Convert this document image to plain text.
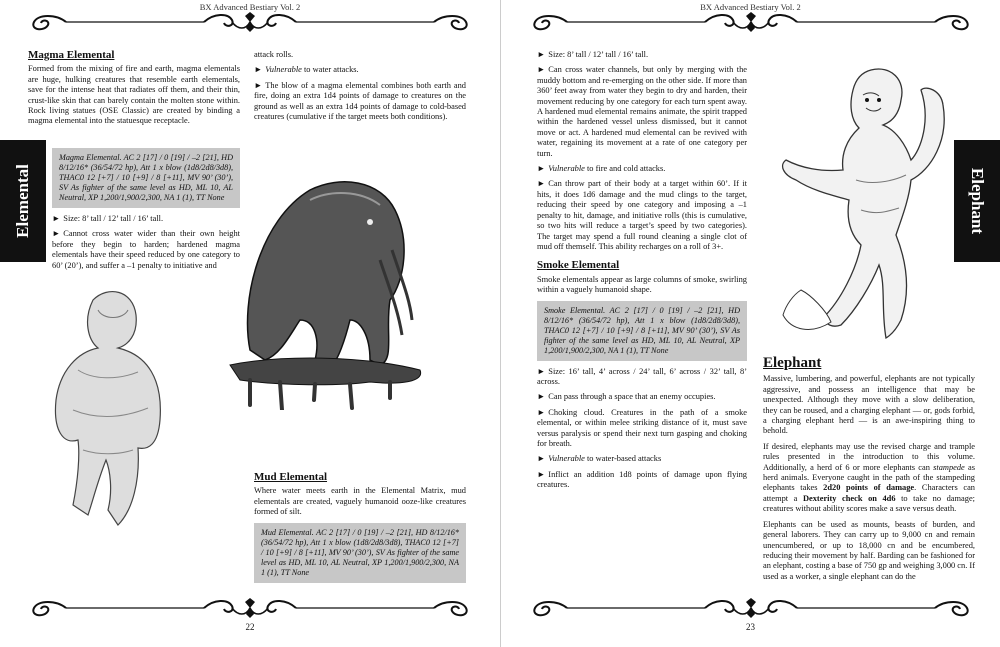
BX Advanced Bestiary Vol. 2
Elemental
Magma Elemental

Formed from the mixing of fire and earth, magma elementals are huge, hulking creatures that resemble earth elementals, save for the intense heat that radiates off them, and their thin, crust-like skin that can barely contain the molten stone within. Rock living statues (OSE Classic) are created by binding a magma elemental into the statuesque receptacle.

Magma Elemental. AC 2 [17] / 0 [19] / –2 [21], HD 8/12/16* (36/54/72 hp), Att 1 x blow (1d8/2d8/3d8), THAC0 12 [+7] / 10 [+9] / 8 [+11], MV 90’ (30’), SV As fighter of the same level as HD, ML 10, AL Neutral, XP 1,200/1,900/2,300, NA 1 (1), TT None

► Size: 8’ tall / 12’ tall / 16’ tall.

► Cannot cross water wider than their own height before they begin to harden; hardened magma elementals have their speed reduced by one category to 60’ (20’), and suffer a –1 penalty to initiative and

attack rolls.

► Vulnerable to water attacks.

► The blow of a magma elemental combines both earth and fire, doing an extra 1d4 points of damage to creatures on the ground as well as an extra 1d4 points of damage to cold-based creatures (cumulative if the target meets both conditions).

Mud Elemental

Where water meets earth in the Elemental Matrix, mud elementals are created, vaguely humanoid ooze-like creatures formed of silt.

Mud Elemental. AC 2 [17] / 0 [19] / –2 [21], HD 8/12/16* (36/54/72 hp), Att 1 x blow (1d8/2d8/3d8), THAC0 12 [+7] / 10 [+9] / 8 [+11], MV 90’ (30’), SV As fighter of the same level as HD, ML 10, AL Neutral, XP 1,200/1,900/2,300, NA 1 (1), TT None
22
BX Advanced Bestiary Vol. 2
Elephant

► Size: 8’ tall / 12’ tall / 16’ tall.

► Can cross water channels, but only by merging with the muddy bottom and re-emerging on the other side. If more than 360’ feet away from water they begin to dry and harden, their movement reducing by one category for each turn spent away. A hardened mud elemental remains animate, the spirit trapped within the hardened vessel unless dismissed, but it cannot move or act. A hardened mud elemental can be revived with water, regaining its movement at a rate of one category per turn.

► Vulnerable to fire and cold attacks.

► Can throw part of their body at a target within 60’. If it hits, it does 1d6 damage and the mud clings to the target, reducing their speed by one category and imposing a –1 penalty to hit, damage, and initiative rolls (this is cumulative, so two hits will reduce a target’s speed by two categories). The target may spend a full round cleaning a single clot of mud off themself. This ability recharges on a roll of 3+.

Smoke Elemental

Smoke elementals appear as large columns of smoke, swirling within a vaguely humanoid shape.

Smoke Elemental. AC 2 [17] / 0 [19] / –2 [21], HD 8/12/16* (36/54/72 hp), Att 1 x blow (1d8/2d8/3d8), THAC0 12 [+7] / 10 [+9] / 8 [+11], MV 90’ (30’), SV As fighter of the same level as HD, ML 10, AL Neutral, XP 1,200/1,900/2,300, NA 1 (1), TT None

► Size: 16’ tall, 4’ across / 24’ tall, 6’ across / 32’ tall, 8’ across.

► Can pass through a space that an enemy occupies.

► Choking cloud. Creatures in the path of a smoke elemental, or within melee striking distance of it, must save versus paralysis or spend their next turn gasping and choking for breath.

► Vulnerable to water-based attacks

► Inflict an addition 1d8 points of damage upon flying creatures.

Elephant

Massive, lumbering, and powerful, elephants are not typically aggressive, and possess an intelligence that may be unexpected. Although they move with a slow deliberation, they can be roused, and a charging elephant — or, gods forbid, a charging elephant herd — is an awe-inspiring thing to behold.

If desired, elephants may use the revised charge and trample rules presented in the introduction to this volume. Additionally, a herd of 6 or more elephants can stampede as herd animals. Everyone caught in the path of the stampeding elephants takes 2d20 points of damage. Characters can attempt a Dexterity check on 4d6 to take no damage; creatures without ability scores make a save versus death.

Elephants can be used as mounts, beasts of burden, and general laborers. They can carry up to 9,000 cn and remain unencumbered, or up to 18,000 cn and be encumbered, reducing their movement by half. Barding can be fashioned for an elephant, costing a base of 750 gp and weighing 3,000 cn. If used as a worker, a single elephant can do the

23
